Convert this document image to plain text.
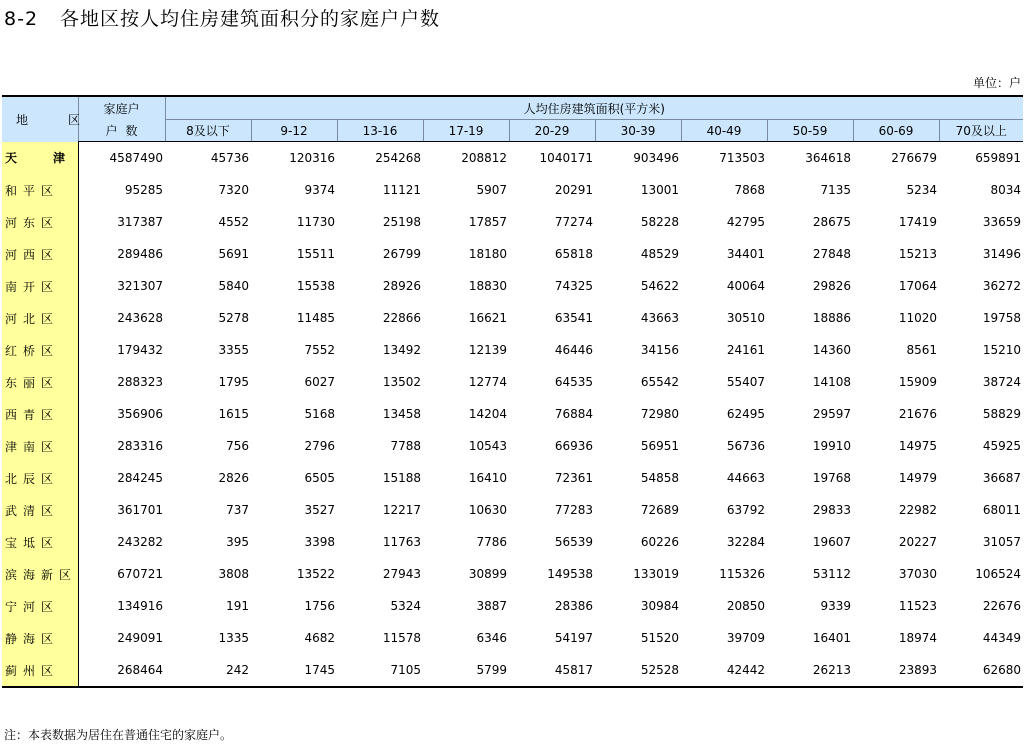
8-2 各地区按人均住房建筑面积分的家庭户户数
单位：户
地　区	家庭户	人均住房建筑面积(平方米)									
	户数	8及以下	9-12	13-16	17-19	20-29	30-39	40-49	50-59	60-69	70及以上
天津	4587490	45736	120316	254268	208812	1040171	903496	713503	364618	276679	659891
和平区	95285	7320	9374	11121	5907	20291	13001	7868	7135	5234	8034
河东区	317387	4552	11730	25198	17857	77274	58228	42795	28675	17419	33659
河西区	289486	5691	15511	26799	18180	65818	48529	34401	27848	15213	31496
南开区	321307	5840	15538	28926	18830	74325	54622	40064	29826	17064	36272
河北区	243628	5278	11485	22866	16621	63541	43663	30510	18886	11020	19758
红桥区	179432	3355	7552	13492	12139	46446	34156	24161	14360	8561	15210
东丽区	288323	1795	6027	13502	12774	64535	65542	55407	14108	15909	38724
西青区	356906	1615	5168	13458	14204	76884	72980	62495	29597	21676	58829
津南区	283316	756	2796	7788	10543	66936	56951	56736	19910	14975	45925
北辰区	284245	2826	6505	15188	16410	72361	54858	44663	19768	14979	36687
武清区	361701	737	3527	12217	10630	77283	72689	63792	29833	22982	68011
宝坻区	243282	395	3398	11763	7786	56539	60226	32284	19607	20227	31057
滨海新区	670721	3808	13522	27943	30899	149538	133019	115326	53112	37030	106524
宁河区	134916	191	1756	5324	3887	28386	30984	20850	9339	11523	22676
静海区	249091	1335	4682	11578	6346	54197	51520	39709	16401	18974	44349
蓟州区	268464	242	1745	7105	5799	45817	52528	42442	26213	23893	62680
注：本表数据为居住在普通住宅的家庭户。
